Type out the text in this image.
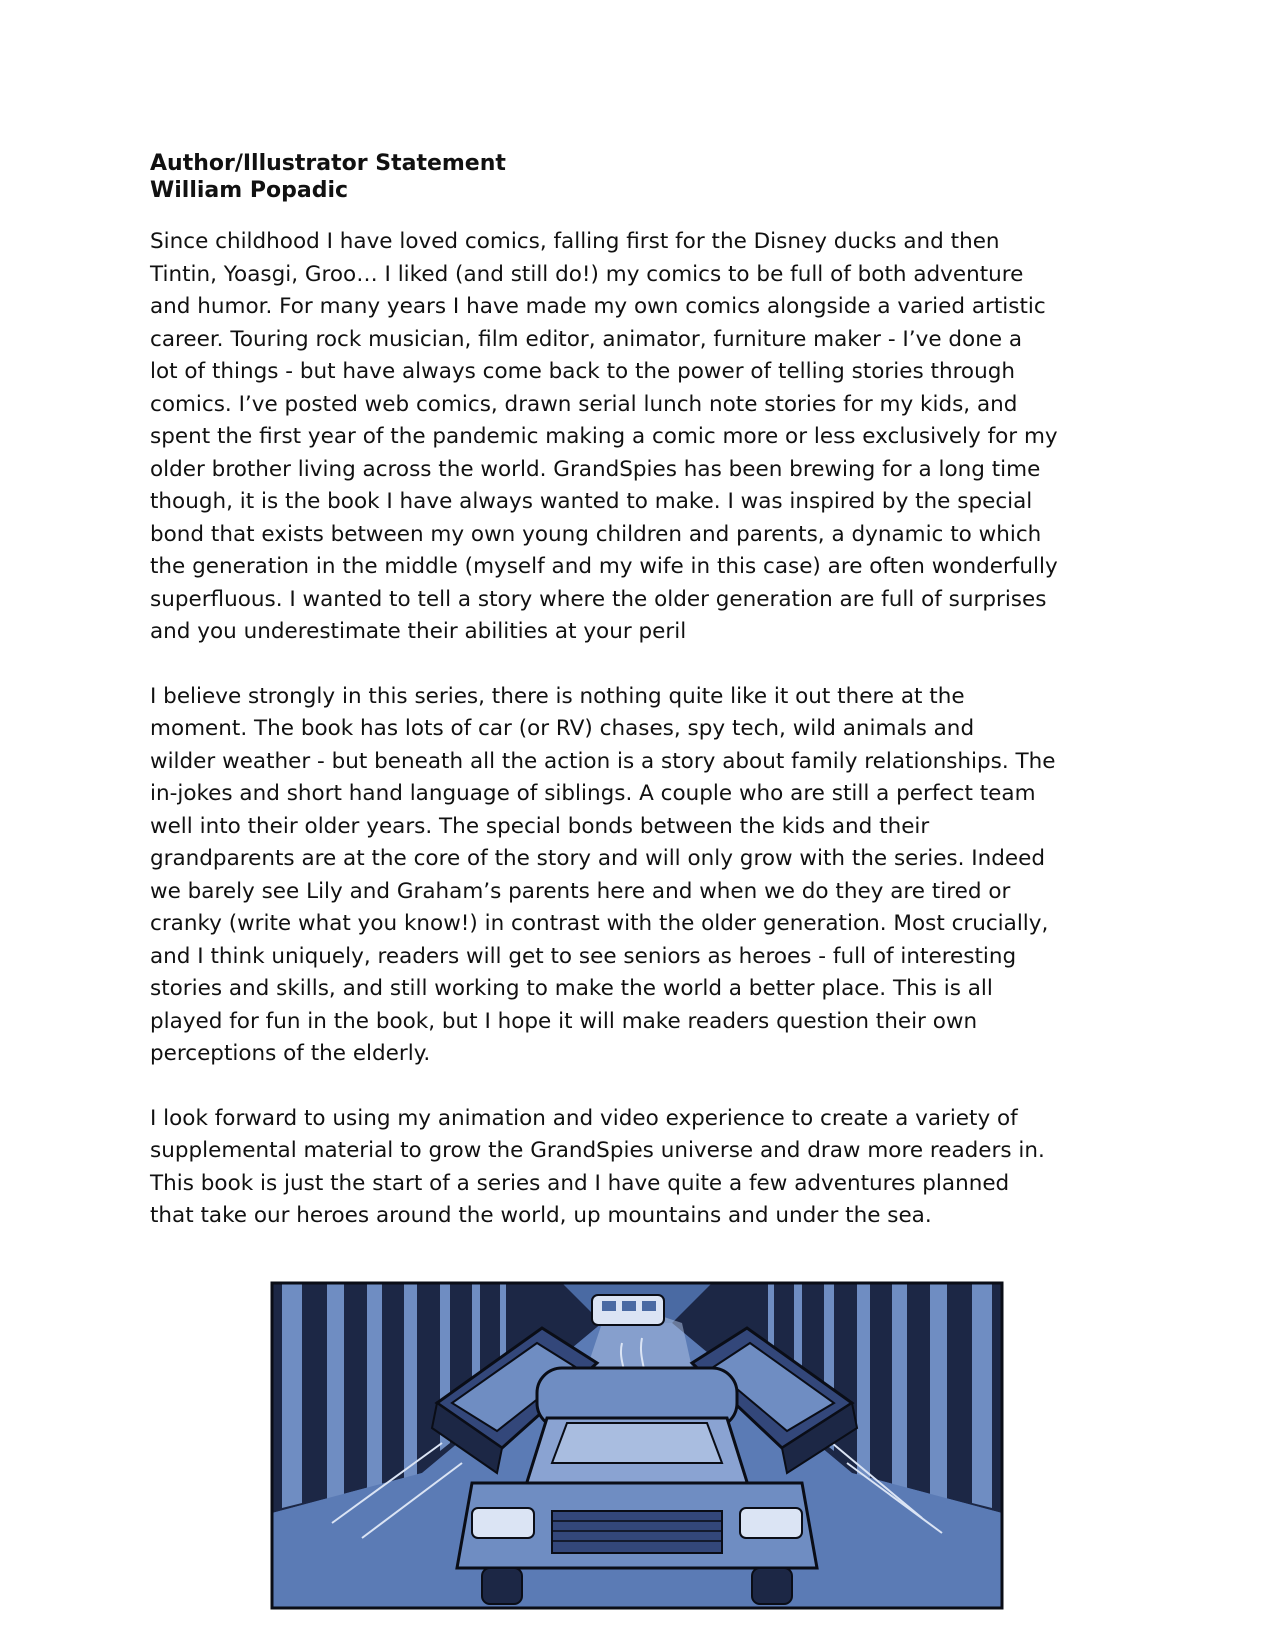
Author/Illustrator Statement
William Popadic

Since childhood I have loved comics, falling first for the Disney ducks and then
Tintin, Yoasgi, Groo… I liked (and still do!) my comics to be full of both adventure
and humor. For many years I have made my own comics alongside a varied artistic
career. Touring rock musician, film editor, animator, furniture maker - I’ve done a
lot of things - but have always come back to the power of telling stories through
comics. I’ve posted web comics, drawn serial lunch note stories for my kids, and
spent the first year of the pandemic making a comic more or less exclusively for my
older brother living across the world. GrandSpies has been brewing for a long time
though, it is the book I have always wanted to make. I was inspired by the special
bond that exists between my own young children and parents, a dynamic to which
the generation in the middle (myself and my wife in this case) are often wonderfully
superfluous. I wanted to tell a story where the older generation are full of surprises
and you underestimate their abilities at your peril

I believe strongly in this series, there is nothing quite like it out there at the
moment. The book has lots of car (or RV) chases, spy tech, wild animals and
wilder weather - but beneath all the action is a story about family relationships. The
in-jokes and short hand language of siblings. A couple who are still a perfect team
well into their older years. The special bonds between the kids and their
grandparents are at the core of the story and will only grow with the series. Indeed
we barely see Lily and Graham’s parents here and when we do they are tired or
cranky (write what you know!) in contrast with the older generation. Most crucially,
and I think uniquely, readers will get to see seniors as heroes - full of interesting
stories and skills, and still working to make the world a better place. This is all
played for fun in the book, but I hope it will make readers question their own
perceptions of the elderly.

I look forward to using my animation and video experience to create a variety of
supplemental material to grow the GrandSpies universe and draw more readers in.
This book is just the start of a series and I have quite a few adventures planned
that take our heroes around the world, up mountains and under the sea.
